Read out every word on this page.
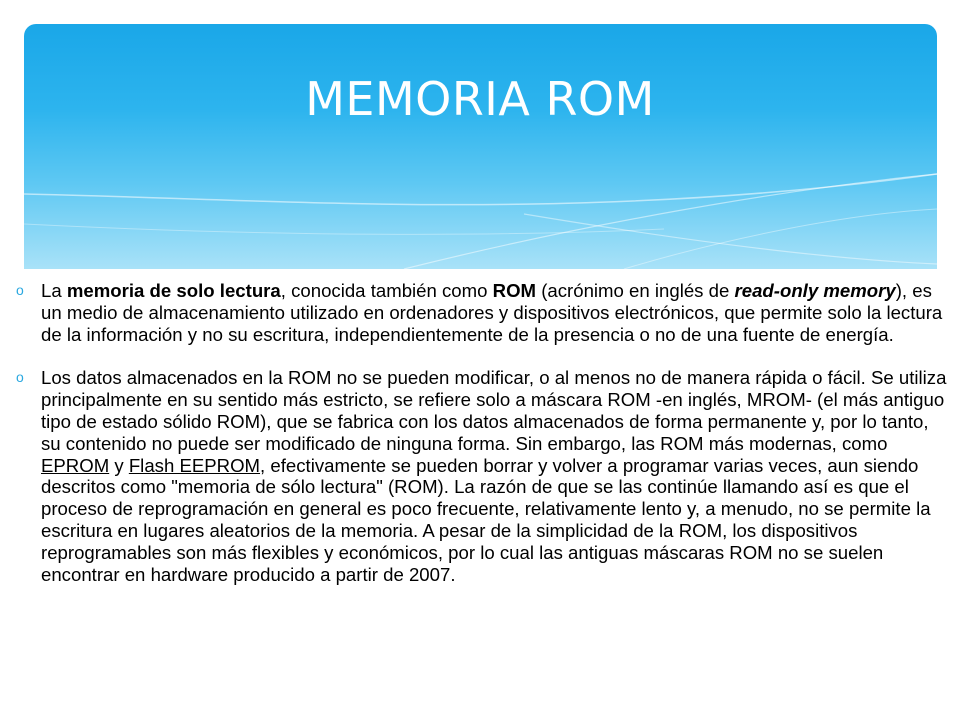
MEMORIA ROM
o La memoria de solo lectura, conocida también como ROM (acrónimo en inglés de read-only memory), es un medio de almacenamiento utilizado en ordenadores y dispositivos electrónicos, que permite solo la lectura de la información y no su escritura, independientemente de la presencia o no de una fuente de energía.
o Los datos almacenados en la ROM no se pueden modificar, o al menos no de manera rápida o fácil. Se utiliza principalmente en su sentido más estricto, se refiere solo a máscara ROM -en inglés, MROM- (el más antiguo tipo de estado sólido ROM), que se fabrica con los datos almacenados de forma permanente y, por lo tanto, su contenido no puede ser modificado de ninguna forma. Sin embargo, las ROM más modernas, como EPROM y Flash EEPROM, efectivamente se pueden borrar y volver a programar varias veces, aun siendo descritos como "memoria de sólo lectura" (ROM). La razón de que se las continúe llamando así es que el proceso de reprogramación en general es poco frecuente, relativamente lento y, a menudo, no se permite la escritura en lugares aleatorios de la memoria. A pesar de la simplicidad de la ROM, los dispositivos reprogramables son más flexibles y económicos, por lo cual las antiguas máscaras ROM no se suelen encontrar en hardware producido a partir de 2007.
